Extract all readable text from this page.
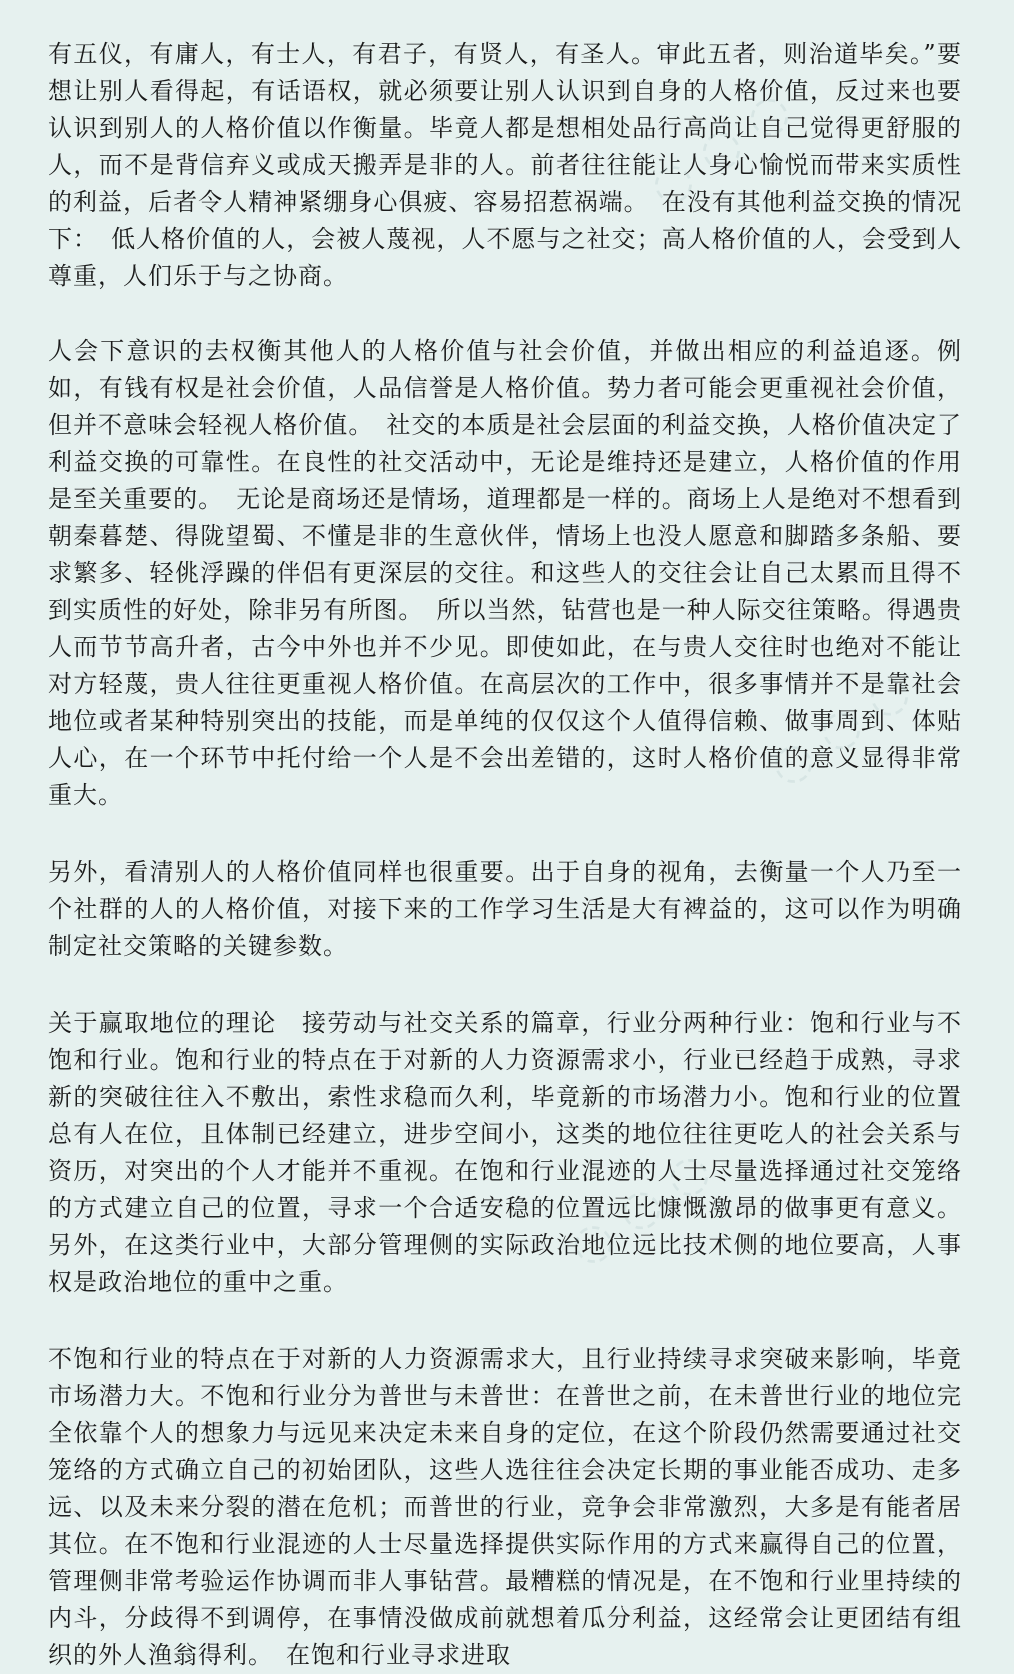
有五仪，有庸人，有士人，有君子，有贤人，有圣人。审此五者，则治道毕矣。”要想让别人看得起，有话语权，就必须要让别人认识到自身的人格价值，反过来也要认识到别人的人格价值以作衡量。毕竟人都是想相处品行高尚让自己觉得更舒服的人，而不是背信弃义或成天搬弄是非的人。前者往往能让人身心愉悦而带来实质性的利益，后者令人精神紧绷身心俱疲、容易招惹祸端。　在没有其他利益交换的情况下：　低人格价值的人，会被人蔑视，人不愿与之社交；高人格价值的人，会受到人尊重，人们乐于与之协商。

人会下意识的去权衡其他人的人格价值与社会价值，并做出相应的利益追逐。例如，有钱有权是社会价值，人品信誉是人格价值。势力者可能会更重视社会价值，但并不意味会轻视人格价值。　社交的本质是社会层面的利益交换，人格价值决定了利益交换的可靠性。在良性的社交活动中，无论是维持还是建立，人格价值的作用是至关重要的。　无论是商场还是情场，道理都是一样的。商场上人是绝对不想看到朝秦暮楚、得陇望蜀、不懂是非的生意伙伴，情场上也没人愿意和脚踏多条船、要求繁多、轻佻浮躁的伴侣有更深层的交往。和这些人的交往会让自己太累而且得不到实质性的好处，除非另有所图。　所以当然，钻营也是一种人际交往策略。得遇贵人而节节高升者，古今中外也并不少见。即使如此，在与贵人交往时也绝对不能让对方轻蔑，贵人往往更重视人格价值。在高层次的工作中，很多事情并不是靠社会地位或者某种特别突出的技能，而是单纯的仅仅这个人值得信赖、做事周到、体贴人心，在一个环节中托付给一个人是不会出差错的，这时人格价值的意义显得非常重大。

另外，看清别人的人格价值同样也很重要。出于自身的视角，去衡量一个人乃至一个社群的人的人格价值，对接下来的工作学习生活是大有裨益的，这可以作为明确制定社交策略的关键参数。

关于赢取地位的理论　接劳动与社交关系的篇章，行业分两种行业：饱和行业与不饱和行业。饱和行业的特点在于对新的人力资源需求小，行业已经趋于成熟，寻求新的突破往往入不敷出，索性求稳而久利，毕竟新的市场潜力小。饱和行业的位置总有人在位，且体制已经建立，进步空间小，这类的地位往往更吃人的社会关系与资历，对突出的个人才能并不重视。在饱和行业混迹的人士尽量选择通过社交笼络的方式建立自己的位置，寻求一个合适安稳的位置远比慷慨激昂的做事更有意义。另外，在这类行业中，大部分管理侧的实际政治地位远比技术侧的地位要高，人事权是政治地位的重中之重。

不饱和行业的特点在于对新的人力资源需求大，且行业持续寻求突破来影响，毕竟市场潜力大。不饱和行业分为普世与未普世：在普世之前，在未普世行业的地位完全依靠个人的想象力与远见来决定未来自身的定位，在这个阶段仍然需要通过社交笼络的方式确立自己的初始团队，这些人选往往会决定长期的事业能否成功、走多远、以及未来分裂的潜在危机；而普世的行业，竞争会非常激烈，大多是有能者居其位。在不饱和行业混迹的人士尽量选择提供实际作用的方式来赢得自己的位置，管理侧非常考验运作协调而非人事钻营。最糟糕的情况是，在不饱和行业里持续的内斗，分歧得不到调停，在事情没做成前就想着瓜分利益，这经常会让更团结有组织的外人渔翁得利。　在饱和行业寻求进取

◌ ◌ ◌
◌ ◌ ◌
◌ ◌ ◌
